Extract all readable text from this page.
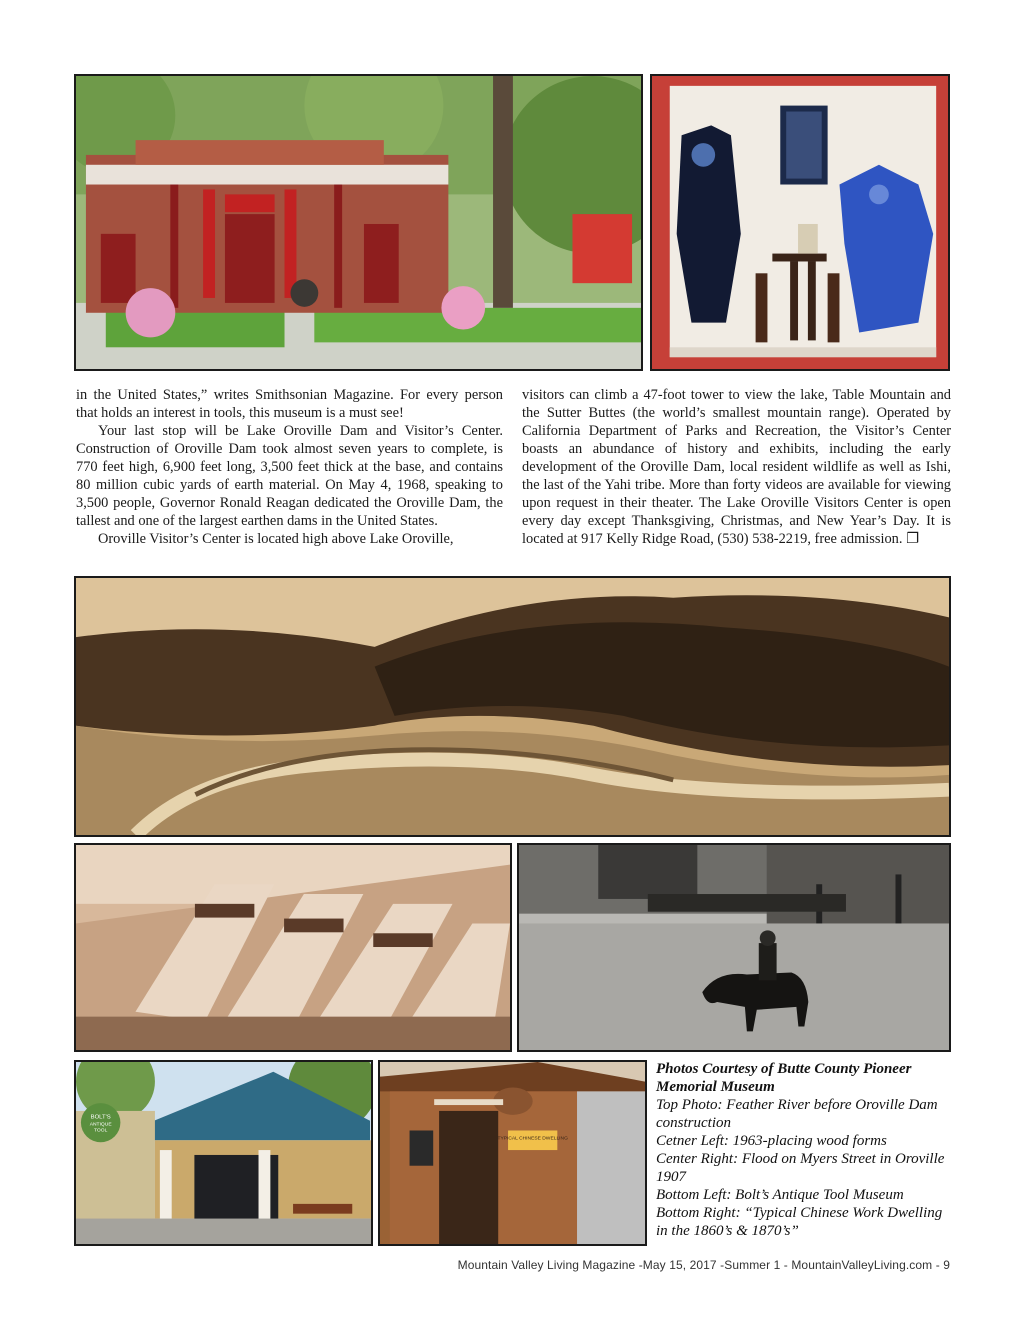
in the United States,” writes Smithsonian Magazine. For every person that holds an interest in tools, this museum is a must see!

Your last stop will be Lake Oroville Dam and Visitor’s Center. Construction of Oroville Dam took almost seven years to complete, is 770 feet high, 6,900 feet long, 3,500 feet thick at the base, and contains 80 million cubic yards of earth material. On May 4, 1968, speaking to 3,500 people, Governor Ronald Reagan dedicated the Oroville Dam, the tallest and one of the largest earthen dams in the United States.

Oroville Visitor’s Center is located high above Lake Oroville,

visitors can climb a 47-foot tower to view the lake, Table Mountain and the Sutter Buttes (the world’s smallest mountain range). Operated by California Department of Parks and Recreation, the Visitor’s Center boasts an abundance of history and exhibits, including the early development of the Oroville Dam, local resident wildlife as well as Ishi, the last of the Yahi tribe. More than forty videos are available for viewing upon request in their theater. The Lake Oroville Visitors Center is open every day except Thanksgiving, Christmas, and New Year’s Day. It is located at 917 Kelly Ridge Road, (530) 538-2219, free admission. ❐

BOLT'S
ANTIQUE
TOOL
TYPICAL CHINESE DWELLING
Photos Courtesy of Butte County Pioneer Memorial Museum
Top Photo: Feather River before Oroville Dam construction
Cetner Left: 1963-placing wood forms
Center Right: Flood on Myers Street in Oroville 1907
Bottom Left: Bolt’s Antique Tool Museum
Bottom Right: “Typical Chinese Work Dwelling in the 1860’s & 1870’s”
Mountain Valley Living Magazine -May 15, 2017 -Summer 1 - MountainValleyLiving.com - 9
